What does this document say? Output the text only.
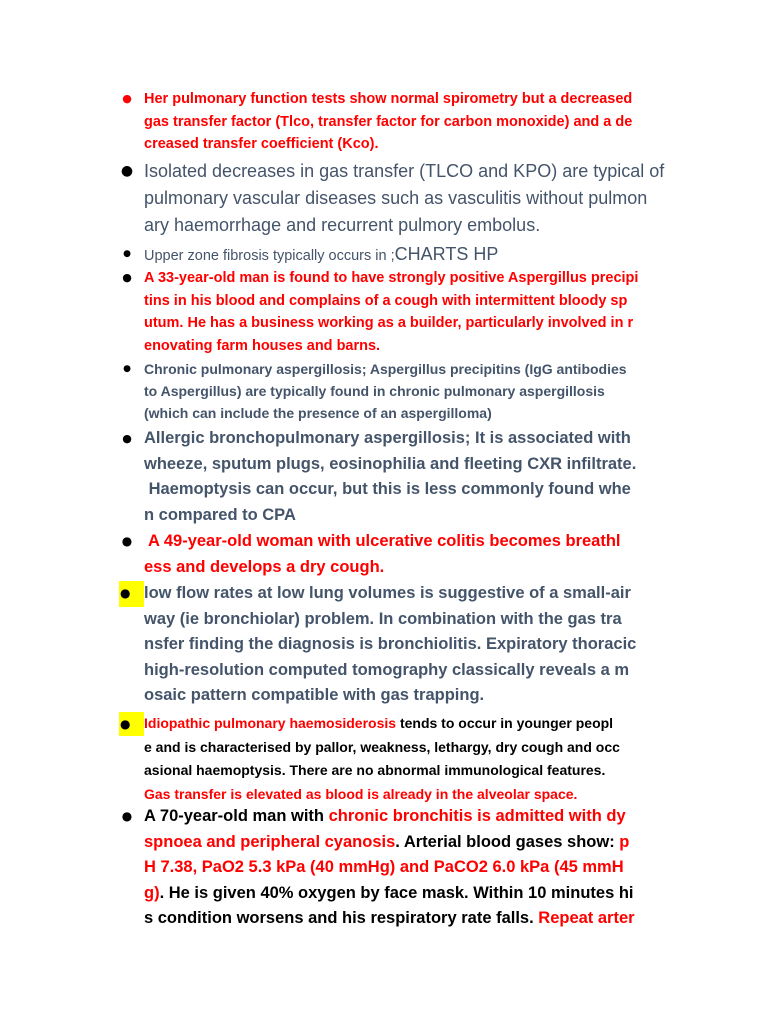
● Her pulmonary function tests show normal spirometry but a decreased
gas transfer factor (Tlco, transfer factor for carbon monoxide) and a de
creased transfer coefficient (Kco).
● Isolated decreases in gas transfer (TLCO and KPO) are typical of
pulmonary vascular diseases such as vasculitis without pulmon
ary haemorrhage and recurrent pulmory embolus.
● Upper zone fibrosis typically occurs in ;CHARTS HP
● A 33-year-old man is found to have strongly positive Aspergillus precipi
tins in his blood and complains of a cough with intermittent bloody sp
utum. He has a business working as a builder, particularly involved in r
enovating farm houses and barns.
● Chronic pulmonary aspergillosis; Aspergillus precipitins (IgG antibodies
to Aspergillus) are typically found in chronic pulmonary aspergillosis
(which can include the presence of an aspergilloma)
● Allergic bronchopulmonary aspergillosis; It is associated with
wheeze, sputum plugs, eosinophilia and fleeting CXR infiltrate.
Haemoptysis can occur, but this is less commonly found whe
n compared to CPA
● A 49-year-old woman with ulcerative colitis becomes breathl
ess and develops a dry cough.
● low flow rates at low lung volumes is suggestive of a small-air
way (ie bronchiolar) problem. In combination with the gas tra
nsfer finding the diagnosis is bronchiolitis. Expiratory thoracic
high-resolution computed tomography classically reveals a m
osaic pattern compatible with gas trapping.
● Idiopathic pulmonary haemosiderosis tends to occur in younger peopl
e and is characterised by pallor, weakness, lethargy, dry cough and occ
asional haemoptysis. There are no abnormal immunological features.
Gas transfer is elevated as blood is already in the alveolar space.
● A 70-year-old man with chronic bronchitis is admitted with dy
spnoea and peripheral cyanosis. Arterial blood gases show: p
H 7.38, PaO2 5.3 kPa (40 mmHg) and PaCO2 6.0 kPa (45 mmH
g). He is given 40% oxygen by face mask. Within 10 minutes hi
s condition worsens and his respiratory rate falls. Repeat arter
